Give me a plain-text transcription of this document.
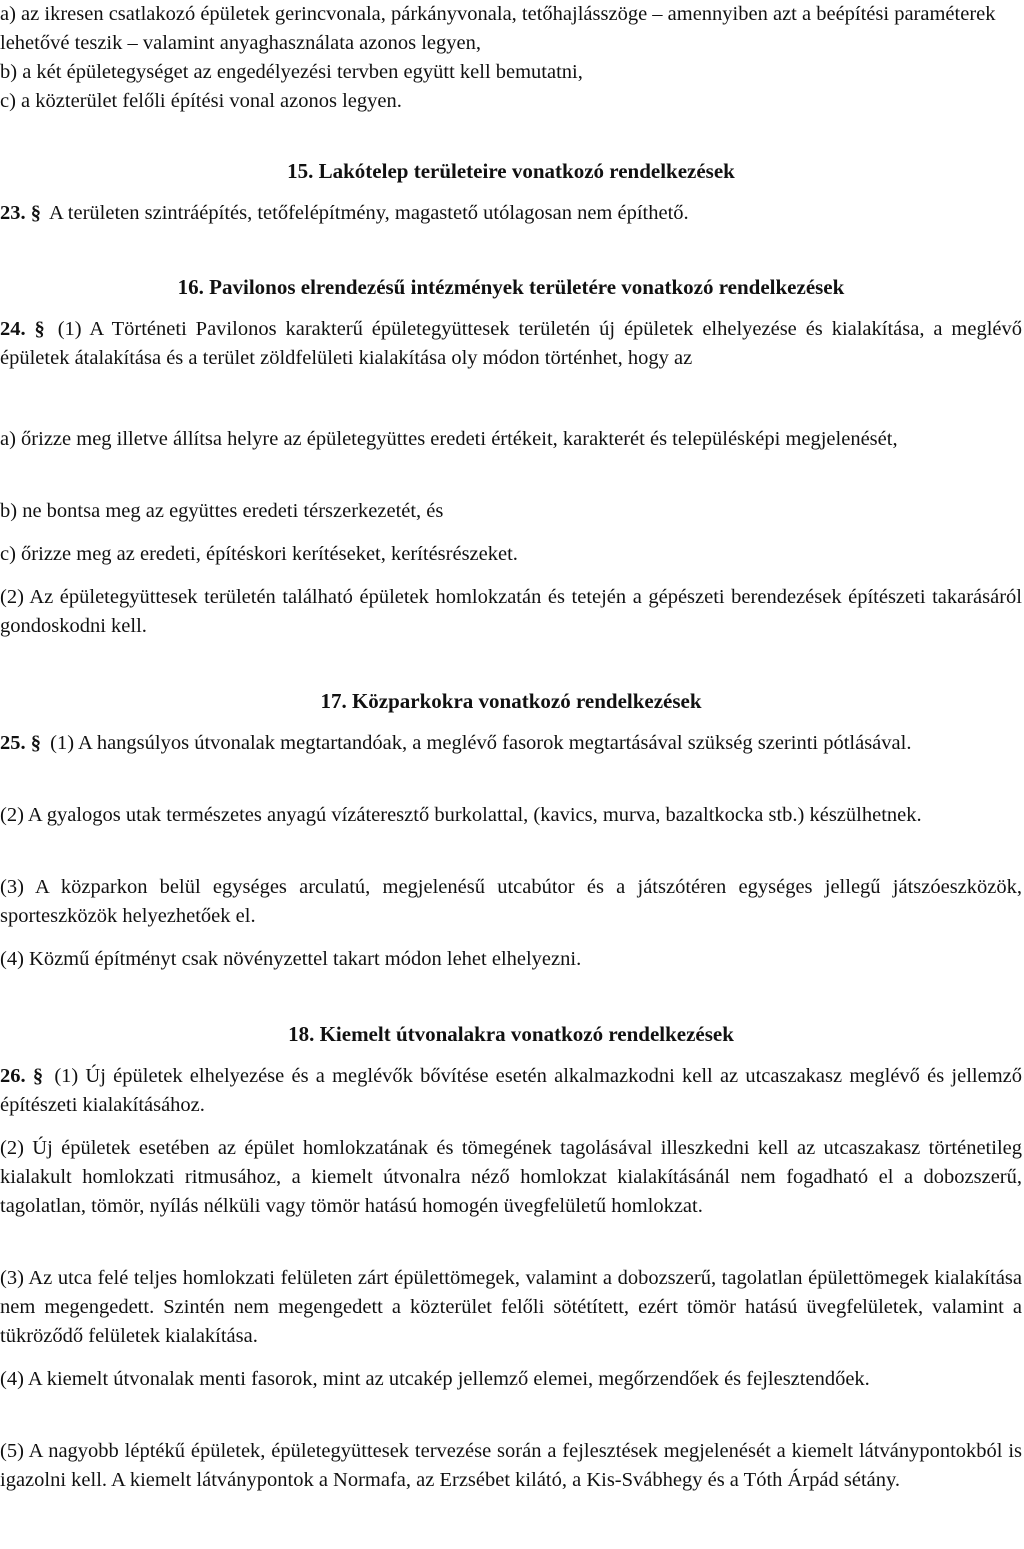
a) az ikresen csatlakozó épületek gerincvonala, párkányvonala, tetőhajlásszöge – amennyiben azt a beépítési paraméterek lehetővé teszik – valamint anyaghasználata azonos legyen,

b) a két épületegységet az engedélyezési tervben együtt kell bemutatni,

c) a közterület felőli építési vonal azonos legyen.

15. Lakótelep területeire vonatkozó rendelkezések

23. § A területen szintráépítés, tetőfelépítmény, magastető utólagosan nem építhető.

16. Pavilonos elrendezésű intézmények területére vonatkozó rendelkezések

24. § (1) A Történeti Pavilonos karakterű épületegyüttesek területén új épületek elhelyezése és kialakítása, a meglévő épületek átalakítása és a terület zöldfelületi kialakítása oly módon történhet, hogy az

a) őrizze meg illetve állítsa helyre az épületegyüttes eredeti értékeit, karakterét és településképi megjelenését,

b) ne bontsa meg az együttes eredeti térszerkezetét, és

c) őrizze meg az eredeti, építéskori kerítéseket, kerítésrészeket.

(2) Az épületegyüttesek területén található épületek homlokzatán és tetején a gépészeti berendezések építészeti takarásáról gondoskodni kell.

17. Közparkokra vonatkozó rendelkezések

25. § (1) A hangsúlyos útvonalak megtartandóak, a meglévő fasorok megtartásával szükség szerinti pótlásával.

(2) A gyalogos utak természetes anyagú vízáteresztő burkolattal, (kavics, murva, bazaltkocka stb.) készülhetnek.

(3) A közparkon belül egységes arculatú, megjelenésű utcabútor és a játszótéren egységes jellegű játszóeszközök, sporteszközök helyezhetőek el.

(4) Közmű építményt csak növényzettel takart módon lehet elhelyezni.

18. Kiemelt útvonalakra vonatkozó rendelkezések

26. § (1) Új épületek elhelyezése és a meglévők bővítése esetén alkalmazkodni kell az utcaszakasz meglévő és jellemző építészeti kialakításához.

(2) Új épületek esetében az épület homlokzatának és tömegének tagolásával illeszkedni kell az utcaszakasz történetileg kialakult homlokzati ritmusához, a kiemelt útvonalra néző homlokzat kialakításánál nem fogadható el a dobozszerű, tagolatlan, tömör, nyílás nélküli vagy tömör hatású homogén üvegfelületű homlokzat.

(3) Az utca felé teljes homlokzati felületen zárt épülettömegek, valamint a dobozszerű, tagolatlan épülettömegek kialakítása nem megengedett. Szintén nem megengedett a közterület felőli sötétített, ezért tömör hatású üvegfelületek, valamint a tükröződő felületek kialakítása.

(4) A kiemelt útvonalak menti fasorok, mint az utcakép jellemző elemei, megőrzendőek és fejlesztendőek.

(5) A nagyobb léptékű épületek, épületegyüttesek tervezése során a fejlesztések megjelenését a kiemelt látványpontokból is igazolni kell. A kiemelt látványpontok a Normafa, az Erzsébet kilátó, a Kis-Svábhegy és a Tóth Árpád sétány.
